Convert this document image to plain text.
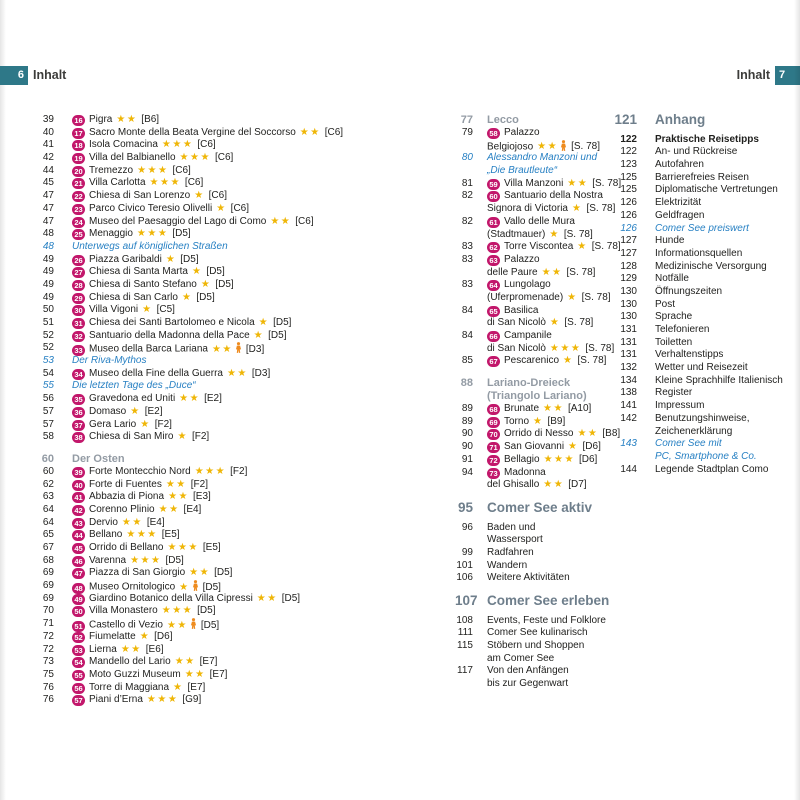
6 Inhalt	Inhalt 7
39	16 Pigra ★★ [B6]
40	17 Sacro Monte della Beata Vergine del Soccorso ★★ [C6]
41	18 Isola Comacina ★★★ [C6]
42	19 Villa del Balbianello ★★★ [C6]
44	20 Tremezzo ★★★ [C6]
45	21 Villa Carlotta ★★★ [C6]
47	22 Chiesa di San Lorenzo ★ [C6]
47	23 Parco Civico Teresio Olivelli ★ [C6]
47	24 Museo del Paesaggio del Lago di Como ★★ [C6]
48	25 Menaggio ★★★ [D5]
48 Unterwegs auf königlichen Straßen
49	26 Piazza Garibaldi ★ [D5]
49	27 Chiesa di Santa Marta ★ [D5]
49	28 Chiesa di Santo Stefano ★ [D5]
49	29 Chiesa di San Carlo ★ [D5]
50	30 Villa Vigoni ★ [C5]
51	31 Chiesa dei Santi Bartolomeo e Nicola ★ [D5]
52	32 Santuario della Madonna della Pace ★ [D5]
52	33 Museo della Barca Lariana ★★ [D3]
53 Der Riva-Mythos
54	34 Museo della Fine della Guerra ★★ [D3]
55 Die letzten Tage des „Duce“
56	35 Gravedona ed Uniti ★★ [E2]
57	36 Domaso ★ [E2]
57	37 Gera Lario ★ [F2]
58	38 Chiesa di San Miro ★ [F2]
60 Der Osten
60	39 Forte Montecchio Nord ★★★ [F2]
62	40 Forte di Fuentes ★★ [F2]
63	41 Abbazia di Piona ★★ [E3]
64	42 Corenno Plinio ★★ [E4]
64	43 Dervio ★★ [E4]
65	44 Bellano ★★★ [E5]
67	45 Orrido di Bellano ★★★ [E5]
68	46 Varenna ★★★ [D5]
69	47 Piazza di San Giorgio ★★ [D5]
69	48 Museo Ornitologico ★ [D5]
69	49 Giardino Botanico della Villa Cipressi ★★ [D5]
70	50 Villa Monastero ★★★ [D5]
71	51 Castello di Vezio ★★ [D5]
72	52 Fiumelatte ★ [D6]
72	53 Lierna ★★ [E6]
73	54 Mandello del Lario ★★ [E7]
75	55 Moto Guzzi Museum ★★ [E7]
76	56 Torre di Maggiana ★ [E7]
76	57 Piani d’Erna ★★★ [G9]
77 Lecco
79	58 Palazzo
Belgiojoso ★★ [S. 78]
80 Alessandro Manzoni und
„Die Brautleute“
81	59 Villa Manzoni ★★ [S. 78]
82	60 Santuario della Nostra
Signora di Victoria ★ [S. 78]
82	61 Vallo delle Mura
(Stadtmauer) ★ [S. 78]
83	62 Torre Viscontea ★ [S. 78]
83	63 Palazzo
delle Paure ★★ [S. 78]
83	64 Lungolago
(Uferpromenade) ★ [S. 78]
84	65 Basilica
di San Nicolò ★ [S. 78]
84	66 Campanile
di San Nicolò ★★★ [S. 78]
85	67 Pescarenico ★ [S. 78]
88 Lariano-Dreieck
(Triangolo Lariano)
89	68 Brunate ★★ [A10]
89	69 Torno ★ [B9]
90	70 Orrido di Nesso ★★ [B8]
90	71 San Giovanni ★ [D6]
91	72 Bellagio ★★★ [D6]
94	73 Madonna
del Ghisallo ★★ [D7]
95 Comer See aktiv
96 Baden und
Wassersport
99 Radfahren
101 Wandern
106 Weitere Aktivitäten
107 Comer See erleben
108 Events, Feste und Folklore
111 Comer See kulinarisch
115 Stöbern und Shoppen
am Comer See
117 Von den Anfängen
bis zur Gegenwart
121 Anhang
122 Praktische Reisetipps
122 An- und Rückreise
123 Autofahren
125 Barrierefreies Reisen
125 Diplomatische Vertretungen
126 Elektrizität
126 Geldfragen
126 Comer See preiswert
127 Hunde
127 Informationsquellen
128 Medizinische Versorgung
129 Notfälle
130 Öffnungszeiten
130 Post
130 Sprache
131 Telefonieren
131 Toiletten
131 Verhaltenstipps
132 Wetter und Reisezeit
134 Kleine Sprachhilfe Italienisch
138 Register
141 Impressum
142 Benutzungshinweise,
Zeichenerklärung
143 Comer See mit
PC, Smartphone & Co.
144 Legende Stadtplan Como
